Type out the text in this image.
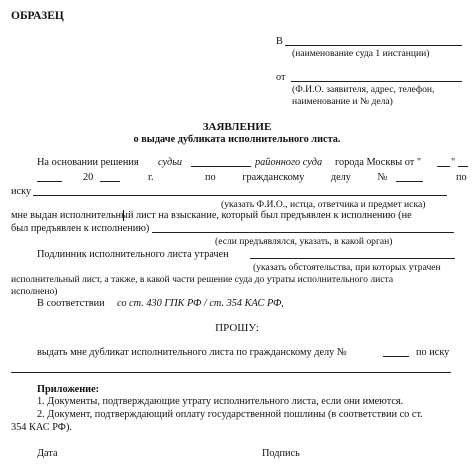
ОБРАЗЕЦ
В
(наименование суда 1 инстанции)
от
(Ф.И.О. заявителя, адрес, телефон,
наименование и № дела)
ЗАЯВЛЕНИЕ
о выдаче дубликата исполнительного листа.
На основании решения судьи	районного суда города Москвы от "	"
20	г.	по гражданскому делу №	по
иску
(указать Ф.И.О., истца, ответчика и предмет иска)
мне выдан исполнительный лист на взыскание, который был предъявлен к исполнению (не
был предъявлен к исполнению)
(если предъявлялся, указать, в какой орган)
Подлинник исполнительного листа утрачен
(указать обстоятельства, при которых утрачен
исполнительный лист, а также, в какой части решение суда до утраты исполнительного листа
исполнено)
В соответствии со ст. 430 ГПК РФ / ст. 354 КАС РФ,
ПРОШУ:
выдать мне дубликат исполнительного листа по гражданскому делу №	по иску
Приложение:
1. Документы, подтверждающие утрату исполнительного листа, если они имеются.
2. Документ, подтверждающий оплату государственной пошлины (в соответствии со ст.
354 КАС РФ).
Дата	Подпись
